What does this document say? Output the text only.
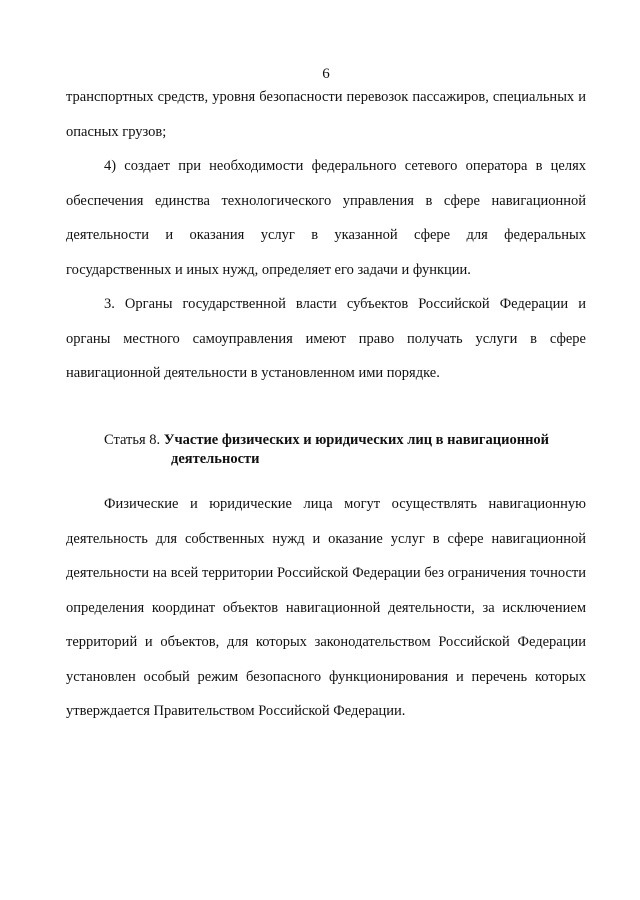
6

транспортных средств, уровня безопасности перевозок пассажиров, специальных и опасных грузов;

4) создает при необходимости федерального сетевого оператора в целях обеспечения единства технологического управления в сфере навигационной деятельности и оказания услуг в указанной сфере для федеральных государственных и иных нужд, определяет его задачи и функции.

3. Органы государственной власти субъектов Российской Федерации и органы местного самоуправления имеют право получать услуги в сфере навигационной деятельности в установленном ими порядке.

Статья 8. Участие физических и юридических лиц в навигационной
деятельности

Физические и юридические лица могут осуществлять навигационную деятельность для собственных нужд и оказание услуг в сфере навигационной деятельности на всей территории Российской Федерации без ограничения точности определения координат объектов навигационной деятельности, за исключением территорий и объектов, для которых законодательством Российской Федерации установлен особый режим безопасного функционирования и перечень которых утверждается Правительством Российской Федерации.
